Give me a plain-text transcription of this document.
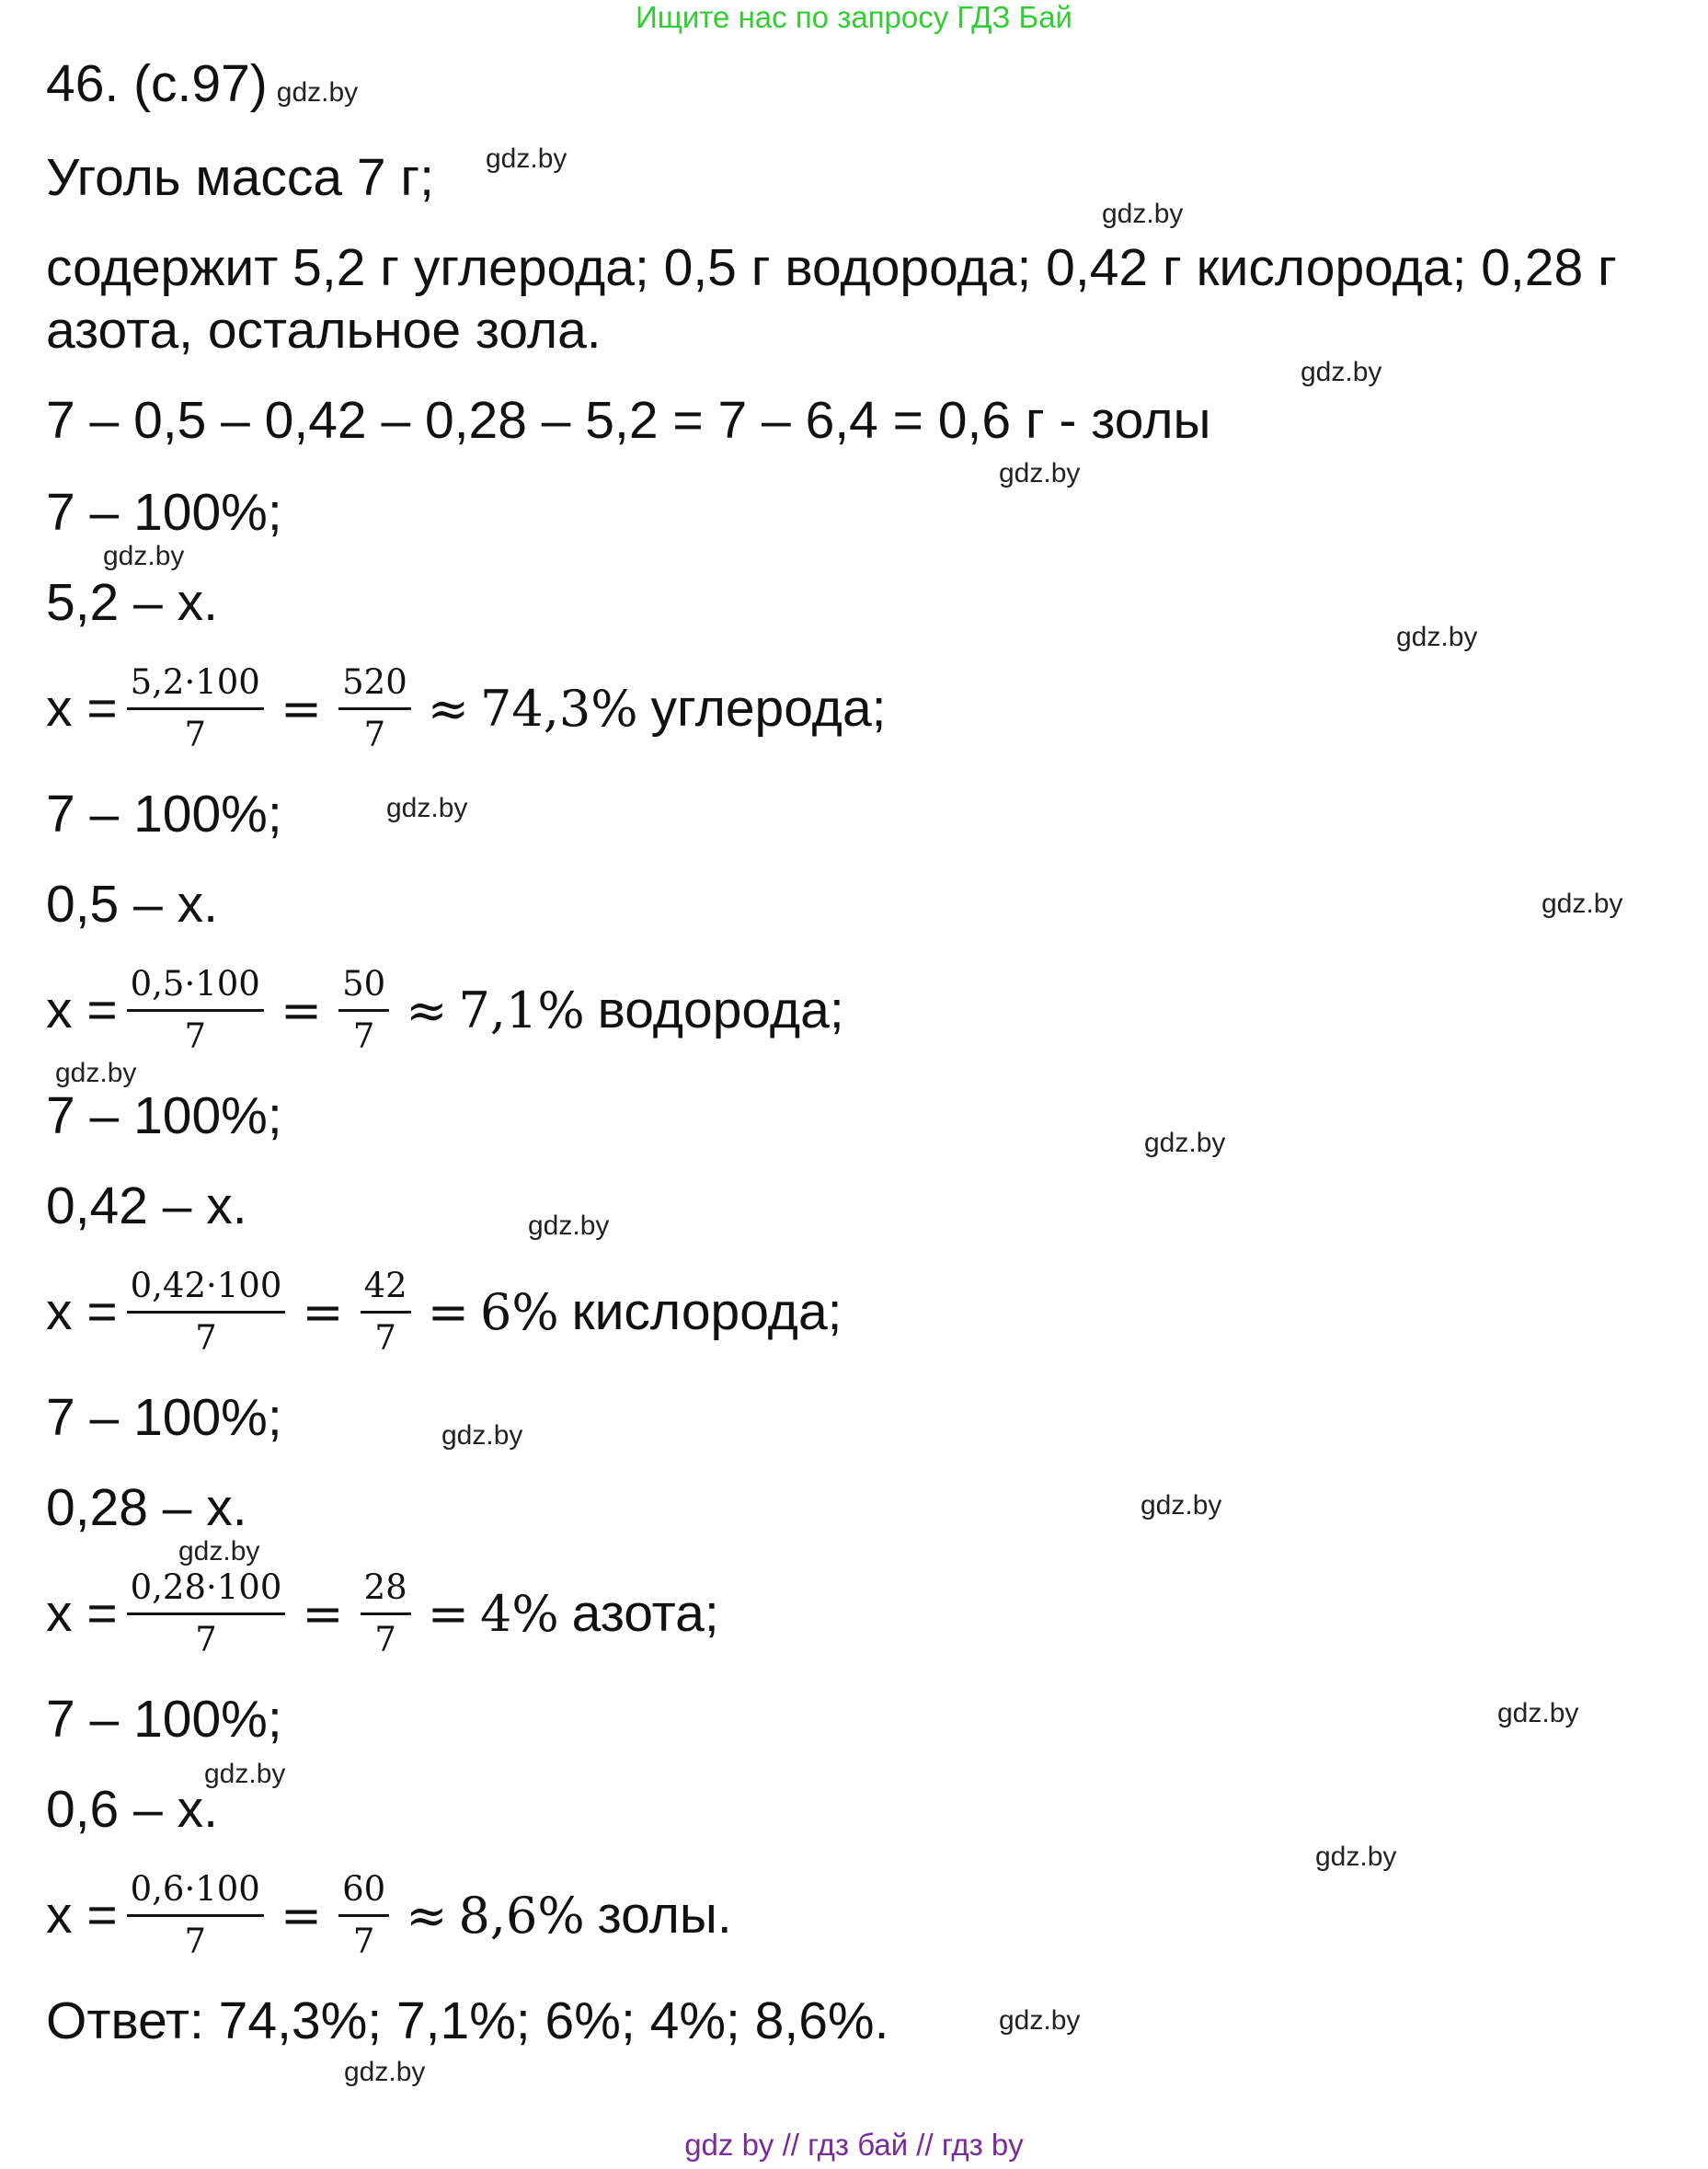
Ищите нас по запросу ГДЗ Бай
46. (с.97) gdz.by
Уголь масса 7 г;
содержит 5,2 г углерода; 0,5 г водорода; 0,42 г кислорода; 0,28 г
азота, остальное зола.
7 – 0,5 – 0,42 – 0,28 – 5,2 = 7 – 6,4 = 0,6 г - золы
7 – 100%;
5,2 – x.
$x = \frac{5,2\cdot 100}{7} = \frac{520}{7} \approx 74,3\%$ углерода;
7 – 100%;
0,5 – x.
$x = \frac{0,5\cdot 100}{7} = \frac{50}{7} \approx 7,1\%$ водорода;
7 – 100%;
0,42 – x.
$x = \frac{0,42\cdot 100}{7} = \frac{42}{7} = 6\%$ кислорода;
7 – 100%;
0,28 – x.
$x = \frac{0,28\cdot 100}{7} = \frac{28}{7} = 4\%$ азота;
7 – 100%;
0,6 – x.
$x = \frac{0,6\cdot 100}{7} = \frac{60}{7} \approx 8,6\%$ золы.
Ответ: 74,3%; 7,1%; 6%; 4%; 8,6%.
gdz.by
gdz.by
gdz.by
gdz.by
gdz.by
gdz.by
gdz.by
gdz.by
gdz.by
gdz.by
gdz.by
gdz.by
gdz.by
gdz.by
gdz.by
gdz.by
gdz.by
gdz.by
gdz.by
gdz by // гдз бай // гдз by
